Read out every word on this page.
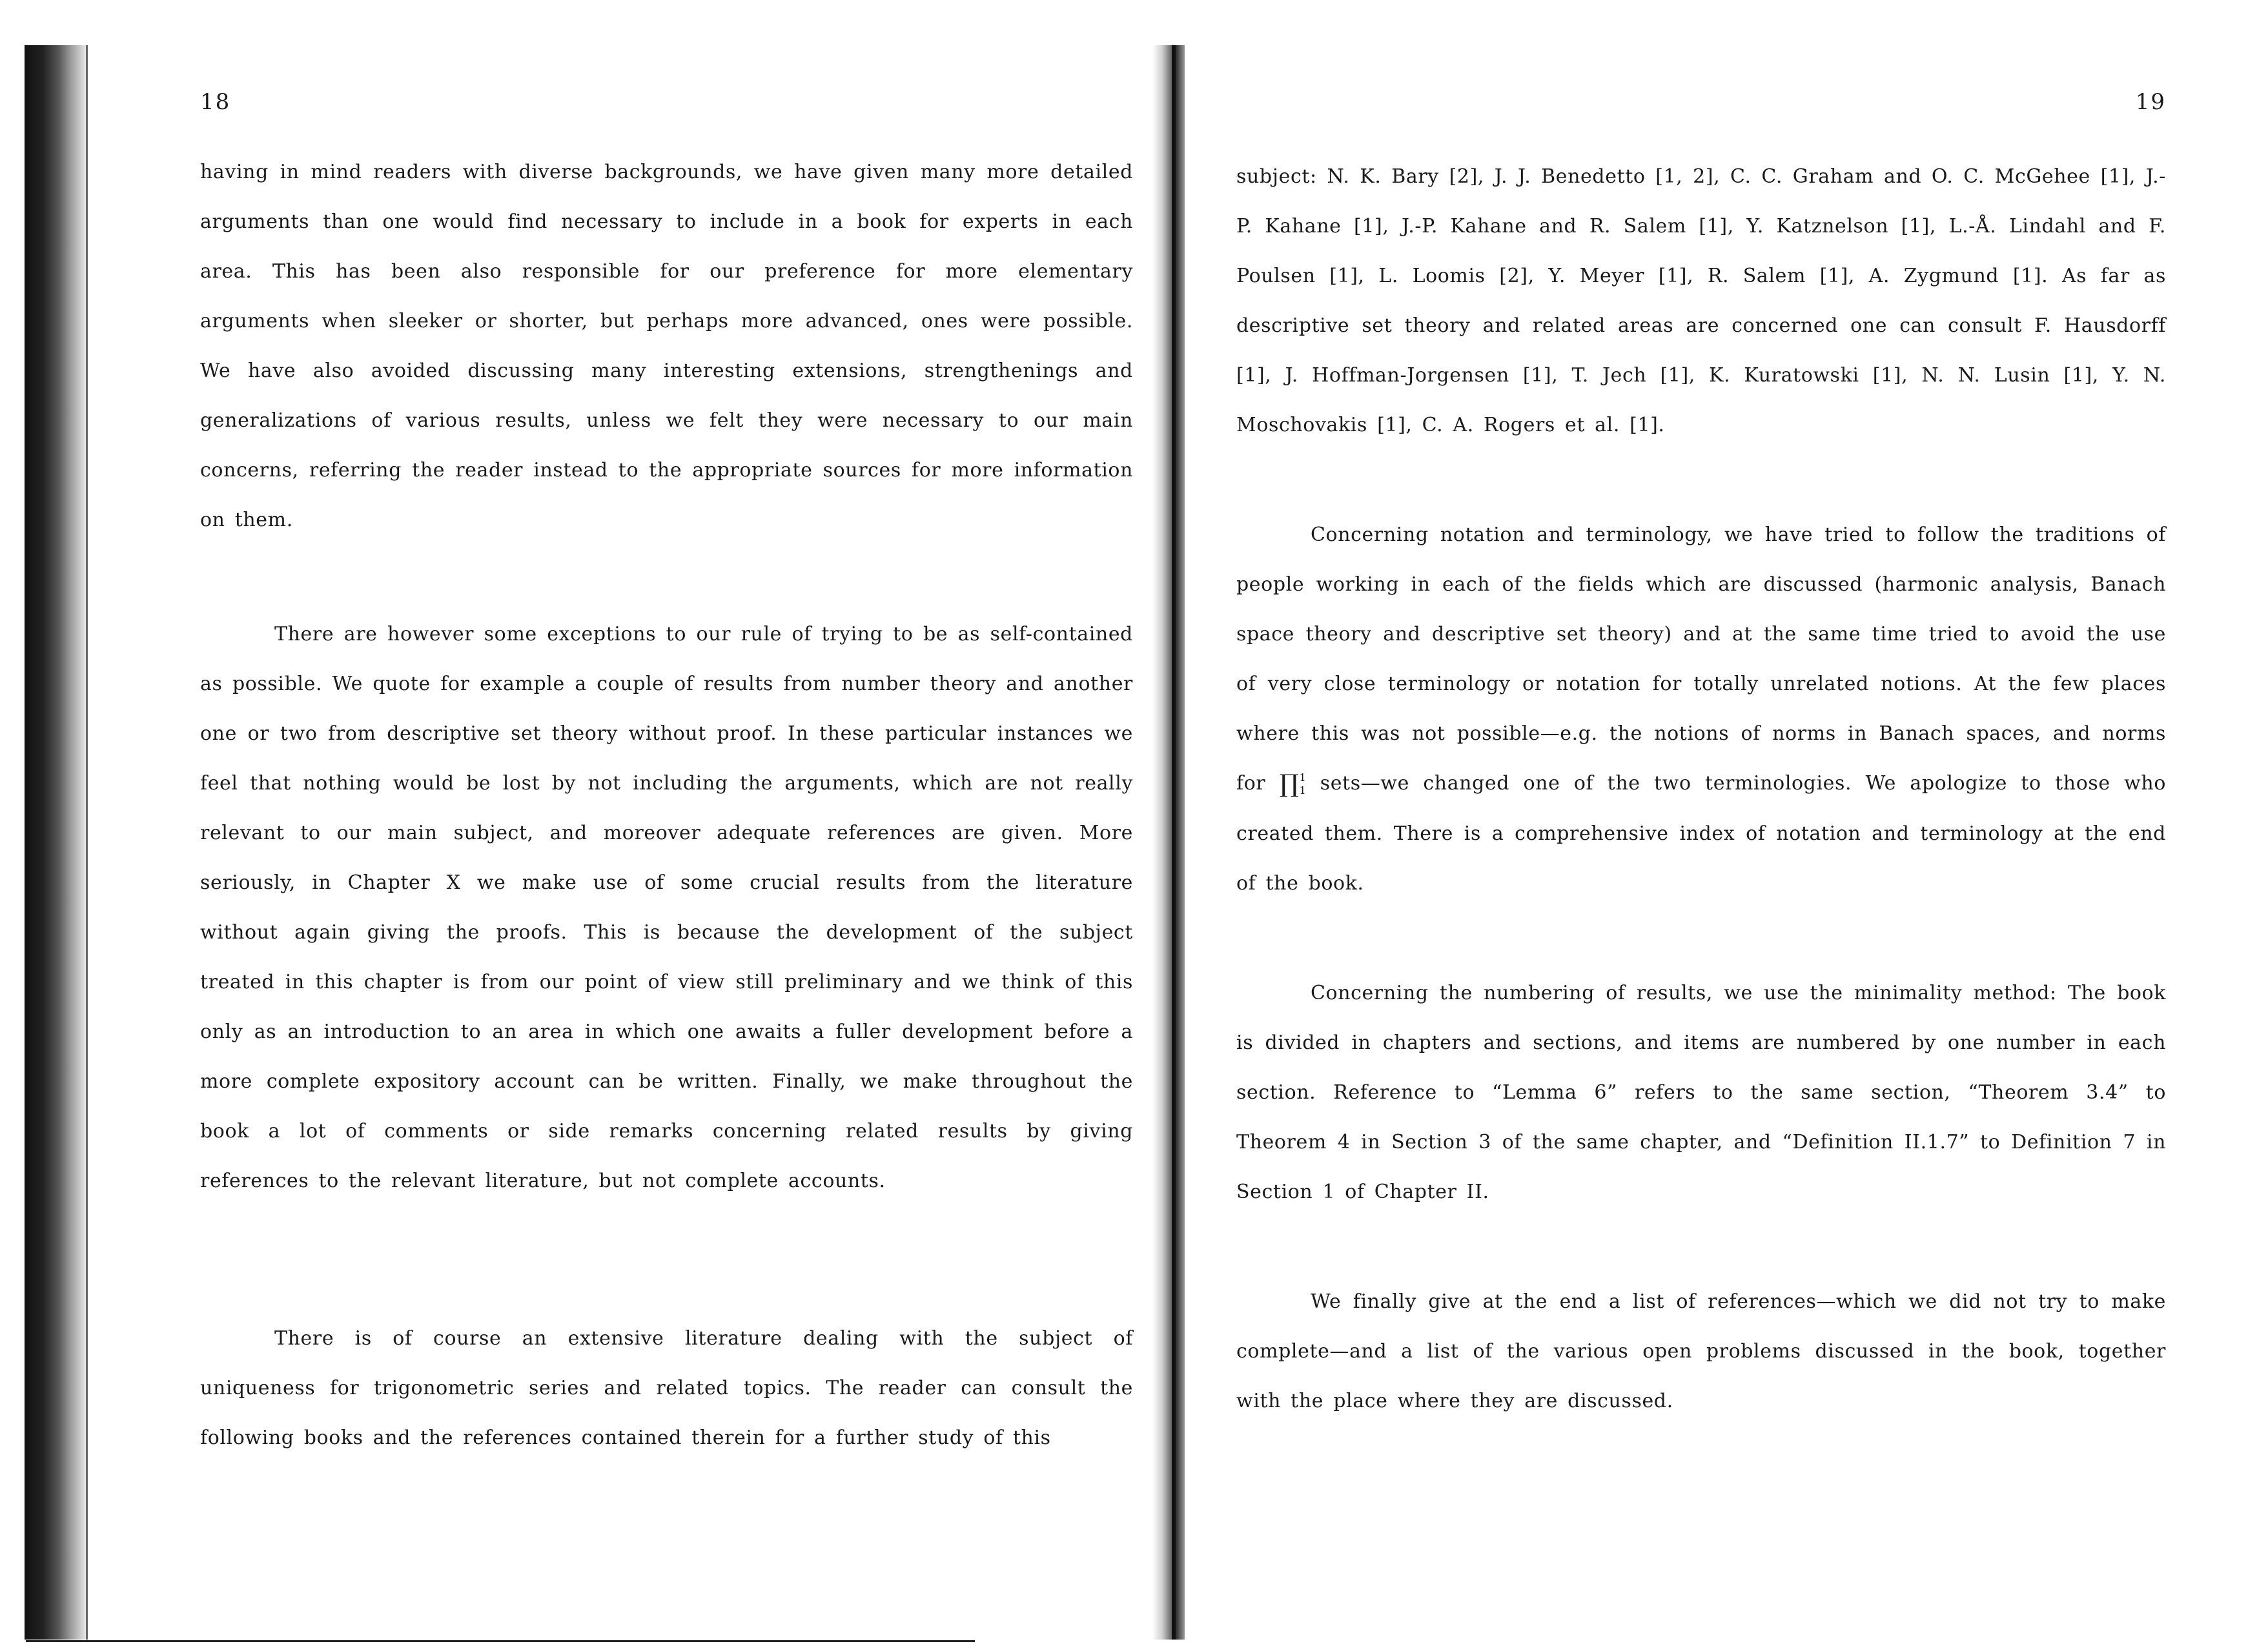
18

having in mind readers with diverse backgrounds, we have given many more detailed arguments than one would find necessary to include in a book for experts in each area. This has been also responsible for our preference for more elementary arguments when sleeker or shorter, but perhaps more advanced, ones were possible. We have also avoided discussing many interesting extensions, strengthenings and generalizations of various results, unless we felt they were necessary to our main concerns, referring the reader instead to the appropriate sources for more information on them.

There are however some exceptions to our rule of trying to be as self-contained as possible. We quote for example a couple of results from number theory and another one or two from descriptive set theory without proof. In these particular instances we feel that nothing would be lost by not including the arguments, which are not really relevant to our main subject, and moreover adequate references are given. More seriously, in Chapter X we make use of some crucial results from the literature without again giving the proofs. This is because the development of the subject treated in this chapter is from our point of view still preliminary and we think of this only as an introduction to an area in which one awaits a fuller development before a more complete expository account can be written. Finally, we make throughout the book a lot of comments or side remarks concerning related results by giving references to the relevant literature, but not complete accounts.

There is of course an extensive literature dealing with the subject of uniqueness for trigonometric series and related topics. The reader can consult the following books and the references contained therein for a further study of this

19

subject: N. K. Bary [2], J. J. Benedetto [1, 2], C. C. Graham and O. C. McGehee [1], J.-P. Kahane [1], J.-P. Kahane and R. Salem [1], Y. Katznelson [1], L.-Å. Lindahl and F. Poulsen [1], L. Loomis [2], Y. Meyer [1], R. Salem [1], A. Zygmund [1]. As far as descriptive set theory and related areas are concerned one can consult F. Hausdorff [1], J. Hoffman-Jorgensen [1], T. Jech [1], K. Kuratowski [1], N. N. Lusin [1], Y. N. Moschovakis [1], C. A. Rogers et al. [1].

Concerning notation and terminology, we have tried to follow the traditions of people working in each of the fields which are discussed (harmonic analysis, Banach space theory and descriptive set theory) and at the same time tried to avoid the use of very close terminology or notation for totally unrelated notions. At the few places where this was not possible—e.g. the notions of norms in Banach spaces, and norms for ∏ 1
1 sets—we changed one of the two terminologies. We apologize to those who created them. There is a comprehensive index of notation and terminology at the end of the book.

Concerning the numbering of results, we use the minimality method: The book is divided in chapters and sections, and items are numbered by one number in each section. Reference to “Lemma 6” refers to the same section, “Theorem 3.4” to Theorem 4 in Section 3 of the same chapter, and “Definition II.1.7” to Definition 7 in Section 1 of Chapter II.

We finally give at the end a list of references—which we did not try to make complete—and a list of the various open problems discussed in the book, together with the place where they are discussed.
